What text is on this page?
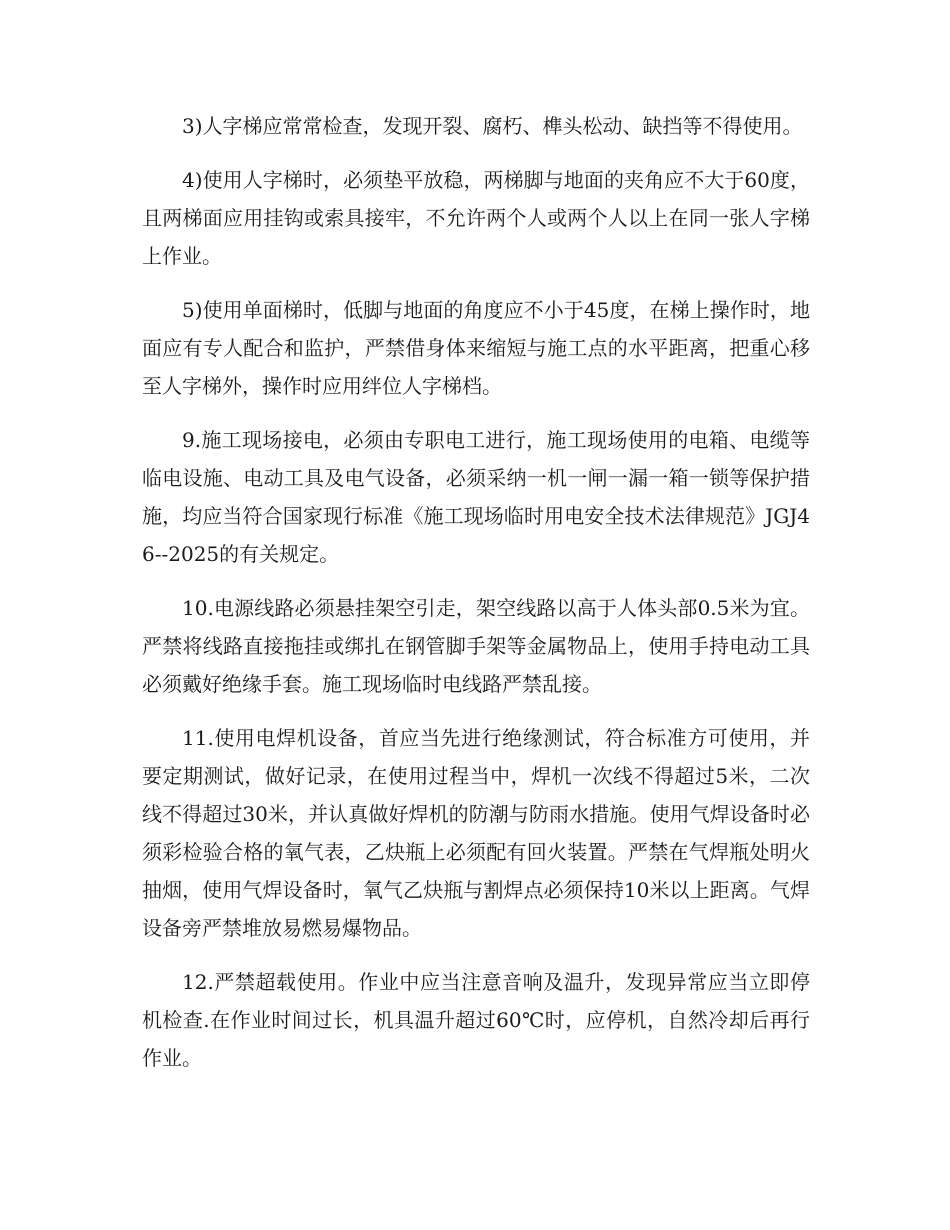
3)人字梯应常常检查，发现开裂、腐朽、榫头松动、缺挡等不得使用。

4)使用人字梯时，必须垫平放稳，两梯脚与地面的夹角应不大于60度，且两梯面应用挂钩或索具接牢，不允许两个人或两个人以上在同一张人字梯上作业。

5)使用单面梯时，低脚与地面的角度应不小于45度，在梯上操作时，地面应有专人配合和监护，严禁借身体来缩短与施工点的水平距离，把重心移至人字梯外，操作时应用绊位人字梯档。

9.施工现场接电，必须由专职电工进行，施工现场使用的电箱、电缆等临电设施、电动工具及电气设备，必须采纳一机一闸一漏一箱一锁等保护措施，均应当符合国家现行标准《施工现场临时用电安全技术法律规范》JGJ46--2025的有关规定。

10.电源线路必须悬挂架空引走，架空线路以高于人体头部0.5米为宜。严禁将线路直接拖挂或绑扎在钢管脚手架等金属物品上，使用手持电动工具必须戴好绝缘手套。施工现场临时电线路严禁乱接。

11.使用电焊机设备，首应当先进行绝缘测试，符合标准方可使用，并要定期测试，做好记录，在使用过程当中，焊机一次线不得超过5米，二次线不得超过30米，并认真做好焊机的防潮与防雨水措施。使用气焊设备时必须彩检验合格的氧气表，乙炔瓶上必须配有回火装置。严禁在气焊瓶处明火抽烟，使用气焊设备时，氧气乙炔瓶与割焊点必须保持10米以上距离。气焊设备旁严禁堆放易燃易爆物品。

12.严禁超载使用。作业中应当注意音响及温升，发现异常应当立即停机检查.在作业时间过长，机具温升超过60℃时，应停机，自然冷却后再行作业。
